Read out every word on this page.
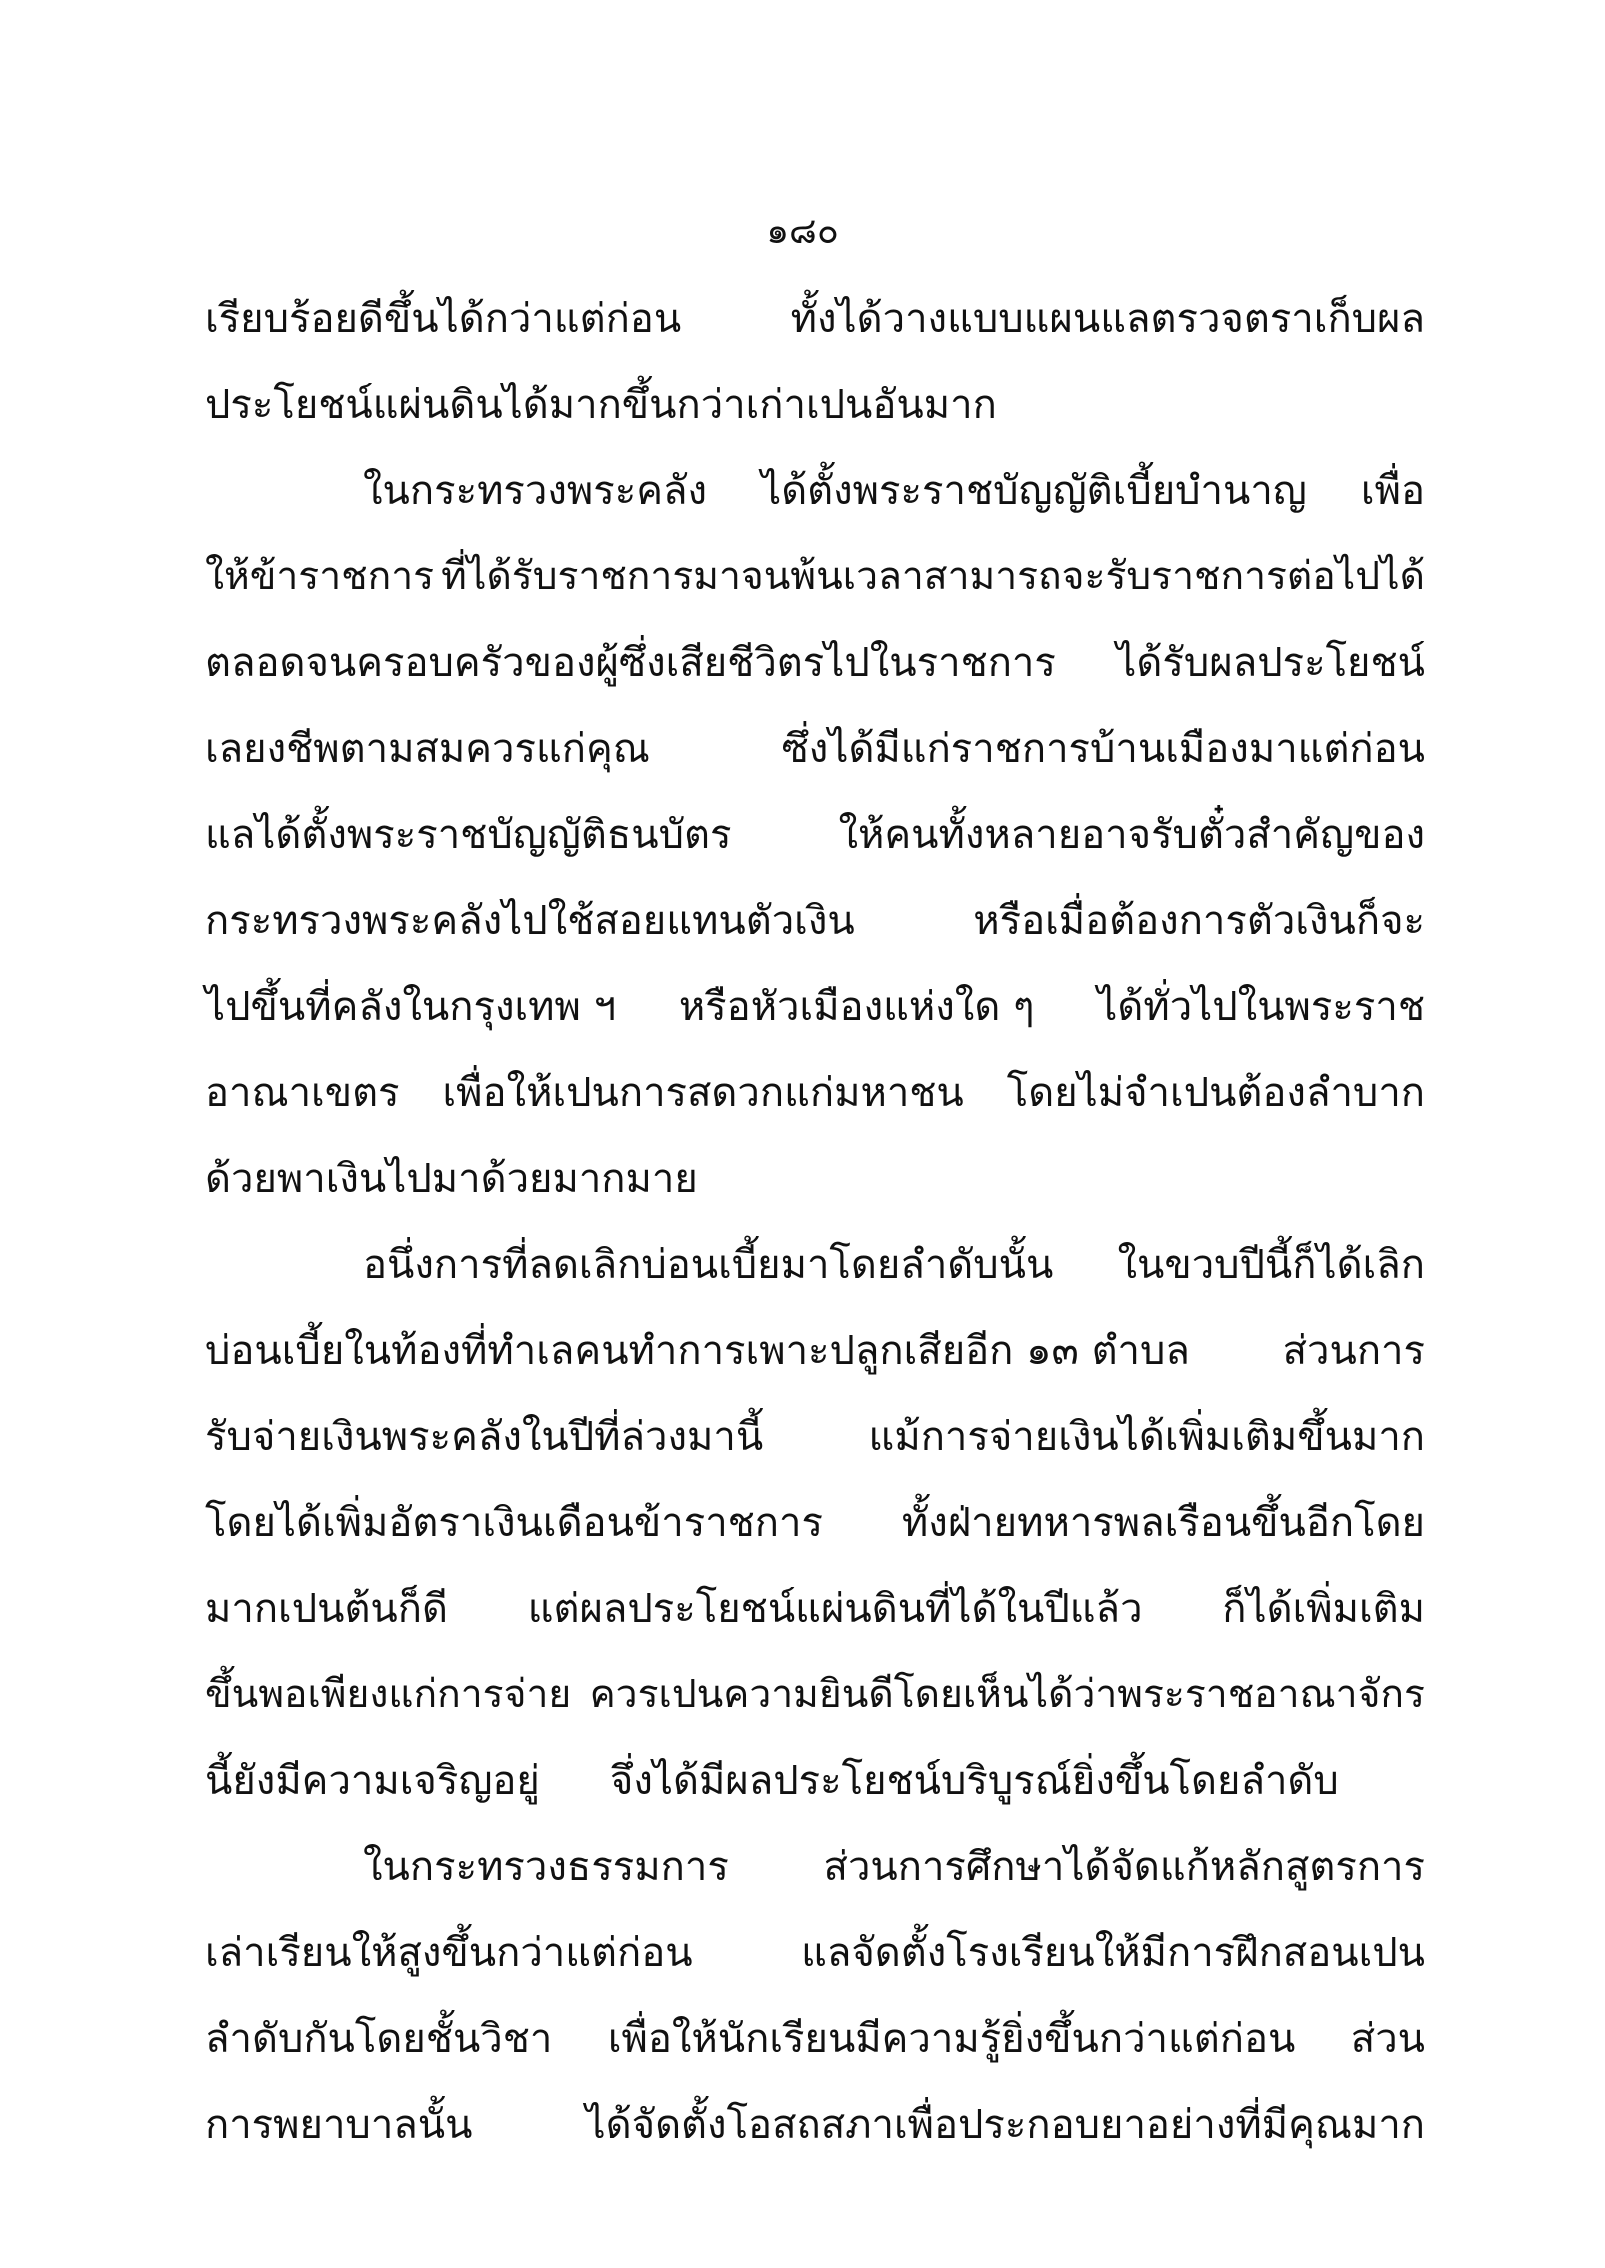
๑๘๐
เรียบร้อยดีขึ้นได้กว่าแต่ก่อน	ทั้งได้วางแบบแผนแลตรวจตราเก็บผล
ประโยชน์แผ่นดินได้มากขึ้นกว่าเก่าเปนอันมาก
ในกระทรวงพระคลัง ได้ตั้งพระราชบัญญัติเบี้ยบำนาญ เพื่อ
ให้ข้าราชการ ที่ได้รับราชการมาจนพ้นเวลาสามารถจะรับราชการต่อไปได้
ตลอดจนครอบครัวของผู้ซึ่งเสียชีวิตรไปในราชการ ได้รับผลประโยชน์
เลยงชีพตามสมควรแก่คุณ	ซึ่งได้มีแก่ราชการบ้านเมืองมาแต่ก่อน
แลได้ตั้งพระราชบัญญัติธนบัตร	ให้คนทั้งหลายอาจรับตั๋วสำคัญของ
กระทรวงพระคลังไปใช้สอยแทนตัวเงิน	หรือเมื่อต้องการตัวเงินก็จะ
ไปขึ้นที่คลังในกรุงเทพ ฯ หรือหัวเมืองแห่งใด ๆ ได้ทั่วไปในพระราช
อาณาเขตร เพื่อให้เปนการสดวกแก่มหาชน โดยไม่จำเปนต้องลำบาก
ด้วยพาเงินไปมาด้วยมากมาย
อนึ่งการที่ลดเลิกบ่อนเบี้ยมาโดยลำดับนั้น ในขวบปีนี้ก็ได้เลิก
บ่อนเบี้ยในท้องที่ทำเลคนทำการเพาะปลูกเสียอีก ๑๓ ตำบล ส่วนการ
รับจ่ายเงินพระคลังในปีที่ล่วงมานี้	แม้การจ่ายเงินได้เพิ่มเติมขึ้นมาก
โดยได้เพิ่มอัตราเงินเดือนข้าราชการ ทั้งฝ่ายทหารพลเรือนขึ้นอีกโดย
มากเปนต้นก็ดี แต่ผลประโยชน์แผ่นดินที่ได้ในปีแล้ว ก็ได้เพิ่มเติม
ขึ้นพอเพียงแก่การจ่าย ควรเปนความยินดีโดยเห็นได้ว่าพระราชอาณาจักร
นี้ยังมีความเจริญอยู่ จึ่งได้มีผลประโยชน์บริบูรณ์ยิ่งขึ้นโดยลำดับ
ในกระทรวงธรรมการ ส่วนการศึกษาได้จัดแก้หลักสูตรการ
เล่าเรียนให้สูงขึ้นกว่าแต่ก่อน	แลจัดตั้งโรงเรียนให้มีการฝึกสอนเปน
ลำดับกันโดยชั้นวิชา เพื่อให้นักเรียนมีความรู้ยิ่งขึ้นกว่าแต่ก่อน ส่วน
การพยาบาลนั้น	ได้จัดตั้งโอสถสภาเพื่อประกอบยาอย่างที่มีคุณมาก
